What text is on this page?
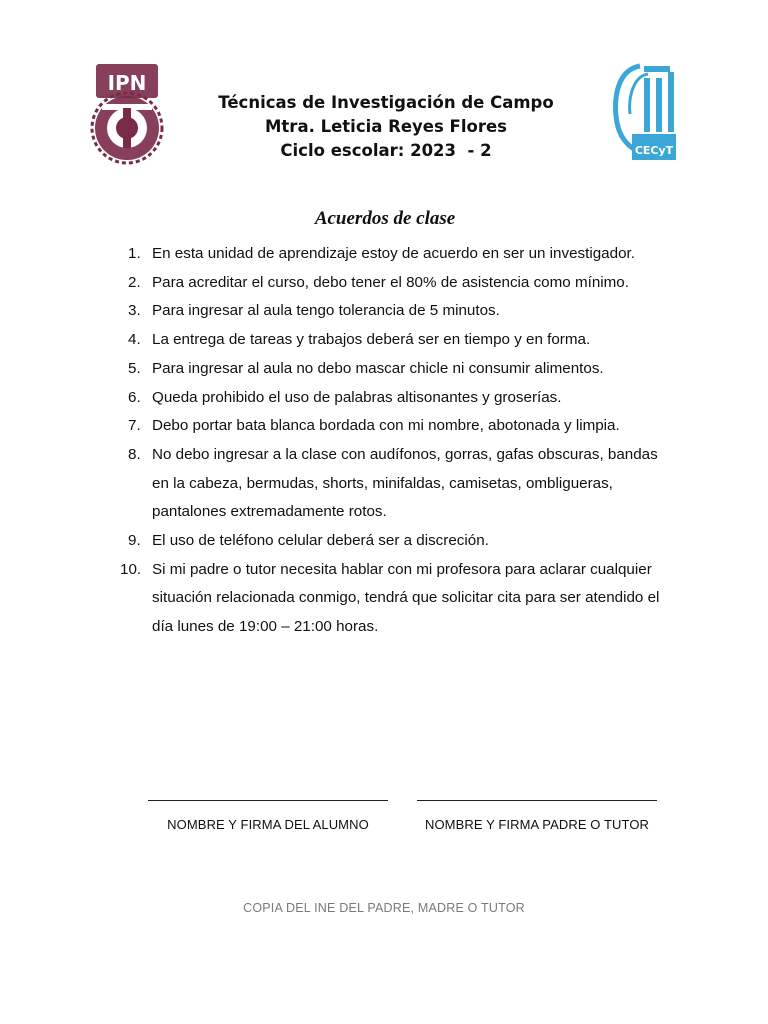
IPN
CECyT
Técnicas de Investigación de Campo
Mtra. Leticia Reyes Flores
Ciclo escolar: 2023  - 2
Acuerdos de clase
1. En esta unidad de aprendizaje estoy de acuerdo en ser un investigador.
2. Para acreditar el curso, debo tener el 80% de asistencia como mínimo.
3. Para ingresar al aula tengo tolerancia de 5 minutos.
4. La entrega de tareas y trabajos deberá ser en tiempo y en forma.
5. Para ingresar al aula no debo mascar chicle ni consumir alimentos.
6. Queda prohibido el uso de palabras altisonantes y groserías.
7. Debo portar bata blanca bordada con mi nombre, abotonada y limpia.
8. No debo ingresar a la clase con audífonos, gorras, gafas obscuras, bandas en la cabeza, bermudas, shorts, minifaldas, camisetas, ombligueras, pantalones extremadamente rotos.
9. El uso de teléfono celular deberá ser a discreción.
10. Si mi padre o tutor necesita hablar con mi profesora para aclarar cualquier situación relacionada conmigo, tendrá que solicitar cita para ser atendido el día lunes de 19:00 – 21:00 horas.
NOMBRE Y FIRMA DEL ALUMNO	NOMBRE Y FIRMA PADRE O TUTOR
COPIA DEL INE DEL PADRE, MADRE O TUTOR
